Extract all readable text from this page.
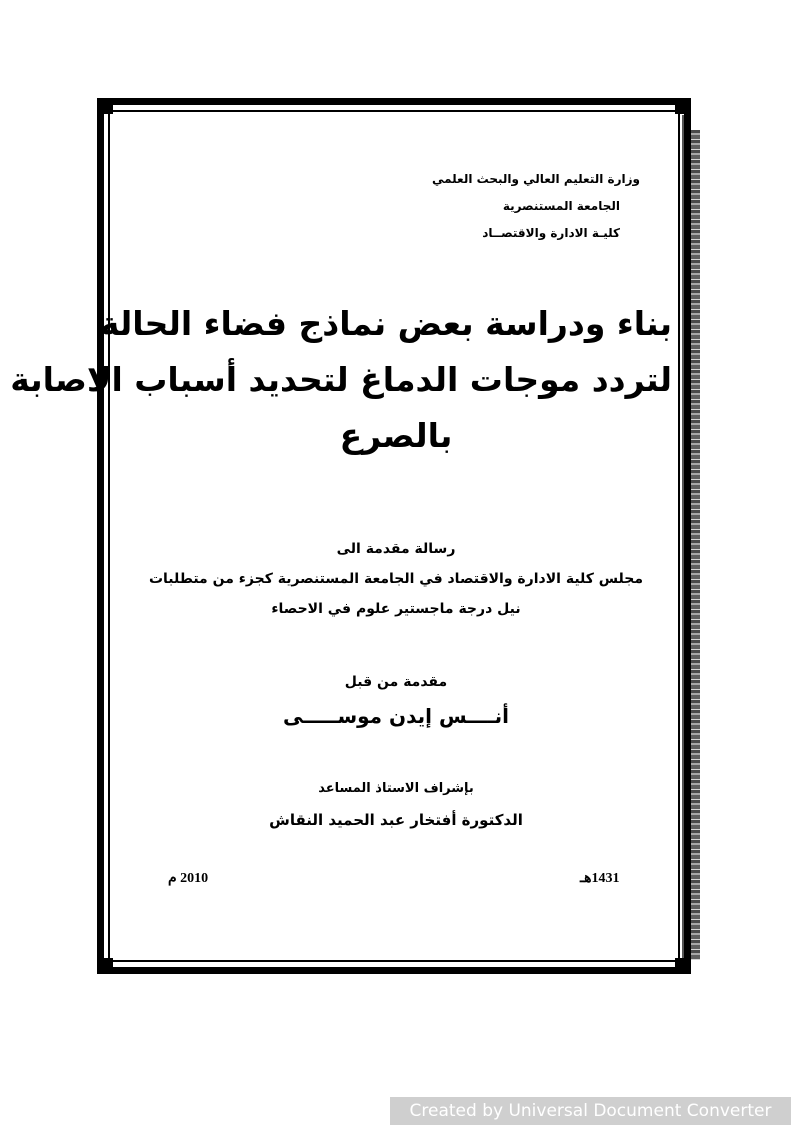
وزارة التعليم العالي والبحث العلمي
الجامعة المستنصرية
كليـة الادارة والاقتصــاد
بناء ودراسة بعض نماذج فضاء الحالة
لتردد موجات الدماغ لتحديد أسباب الاصابة
بالصرع
رسالة مقدمة الى
مجلس كلية الادارة والاقتصاد في الجامعة المستنصرية كجزء من متطلبات
نيل درجة ماجستير علوم في الاحصاء
مقدمة من قبل
أنــــس إيدن موســـــى
بإشراف الاستاذ المساعد
الدكتورة أفتخار عبد الحميد النقاش
2010 م	1431هـ
Created by Universal Document Converter
